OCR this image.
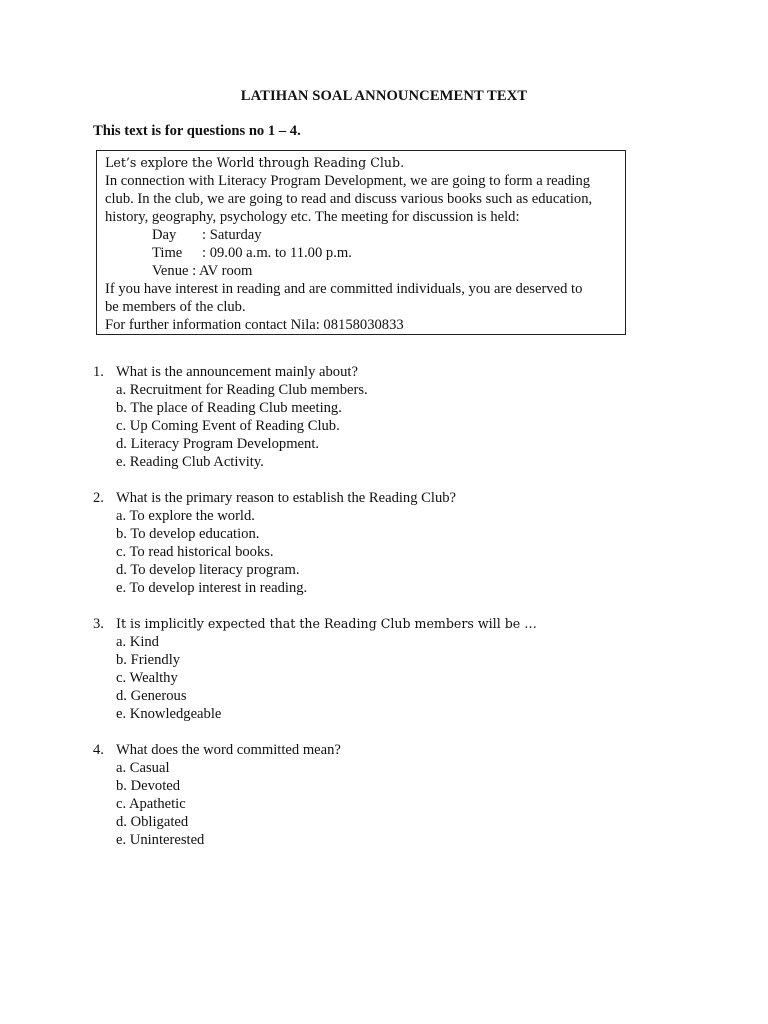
LATIHAN SOAL ANNOUNCEMENT TEXT
This text is for questions no 1 – 4.
Let’s explore the World through Reading Club.
In connection with Literacy Program Development, we are going to form a reading
club. In the club, we are going to read and discuss various books such as education,
history, geography, psychology etc. The meeting for discussion is held:
Day : Saturday
Time : 09.00 a.m. to 11.00 p.m.
Venue : AV room
If you have interest in reading and are committed individuals, you are deserved to
be members of the club.
For further information contact Nila: 08158030833
1. What is the announcement mainly about?
a. Recruitment for Reading Club members.
b. The place of Reading Club meeting.
c. Up Coming Event of Reading Club.
d. Literacy Program Development.
e. Reading Club Activity.
2. What is the primary reason to establish the Reading Club?
a. To explore the world.
b. To develop education.
c. To read historical books.
d. To develop literacy program.
e. To develop interest in reading.
3. It is implicitly expected that the Reading Club members will be …
a. Kind
b. Friendly
c. Wealthy
d. Generous
e. Knowledgeable
4. What does the word committed mean?
a. Casual
b. Devoted
c. Apathetic
d. Obligated
e. Uninterested
